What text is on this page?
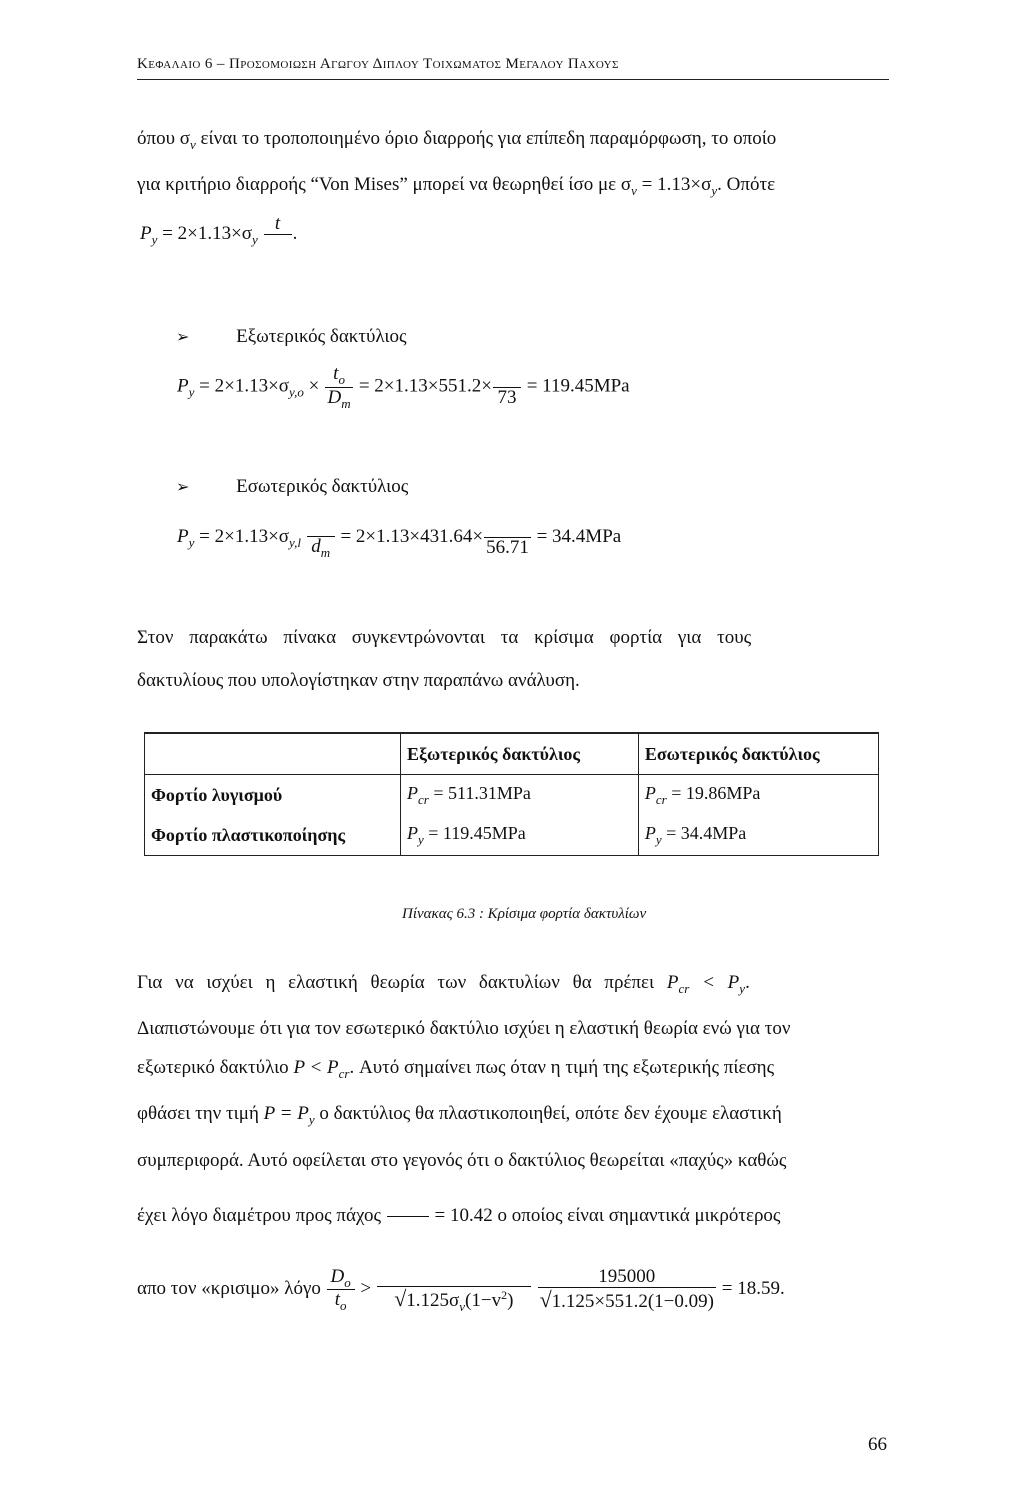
Κεφαλαιο 6 – Προσομοιωση Αγωγου Διπλου Τοιχωματος Μεγαλου Παχους
όπου $\sigma_v$ είναι το τροποποιημένο όριο διαρροής για επίπεδη παραμόρφωση, το οποίο
για κριτήριο διαρροής “Von Mises” μπορεί να θεωρηθεί ίσο με $\sigma_v = 1.13\times\sigma_y$. Οπότε
$P_y = 2\times 1.13\times\sigma_y$
t
.
➢ Εξωτερικός δακτύλιος
$P_y = 2\times 1.13\times\sigma_{y,o} \times \frac{t_o}{D_m} = 2\times 1.13\times 551.2\times$

73
= 119.45MPa
➢ Εσωτερικός δακτύλιος
$P_y = 2\times 1.13\times\sigma_{y,l}$
$d_m$
= 2×1.13×431.64×

56.71
= 34.4MPa
Στον παρακάτω πίνακα συγκεντρώνονται τα κρίσιμα φορτία για τους
δακτυλίους που υπολογίστηκαν στην παραπάνω ανάλυση.
	Εξωτερικός δακτύλιος	Εσωτερικός δακτύλιος
Φορτίο λυγισμού	$P_{cr} = 511.31MPa$	$P_{cr} = 19.86MPa$
Φορτίο πλαστικοποίησης	$P_y = 119.45MPa$	$P_y = 34.4MPa$
Πίνακας 6.3 : Κρίσιμα φορτία δακτυλίων
Για να ισχύει η ελαστική θεωρία των δακτυλίων θα πρέπει $P_{cr} < P_y$.
Διαπιστώνουμε ότι για τον εσωτερικό δακτύλιο ισχύει η ελαστική θεωρία ενώ για τον
εξωτερικό δακτύλιο $P < P_{cr}$. Αυτό σημαίνει πως όταν η τιμή της εξωτερικής πίεσης
φθάσει την τιμή $P = P_y$ ο δακτύλιος θα πλαστικοποιηθεί, οπότε δεν έχουμε ελαστική
συμπεριφορά. Αυτό οφείλεται στο γεγονός ότι ο δακτύλιος θεωρείται «παχύς» καθώς
έχει λόγο διαμέτρου προς πάχος

= 10.42 ο οποίος είναι σημαντικά μικρότερος
απο τον «κρισιμο» λόγο $\frac{D_o}{t_o}$ >
$√1.125\sigma_v(1-v^2)$
	$\frac{195000}{√1.125\times 551.2(1-0.09)} = 18.59$.
66
